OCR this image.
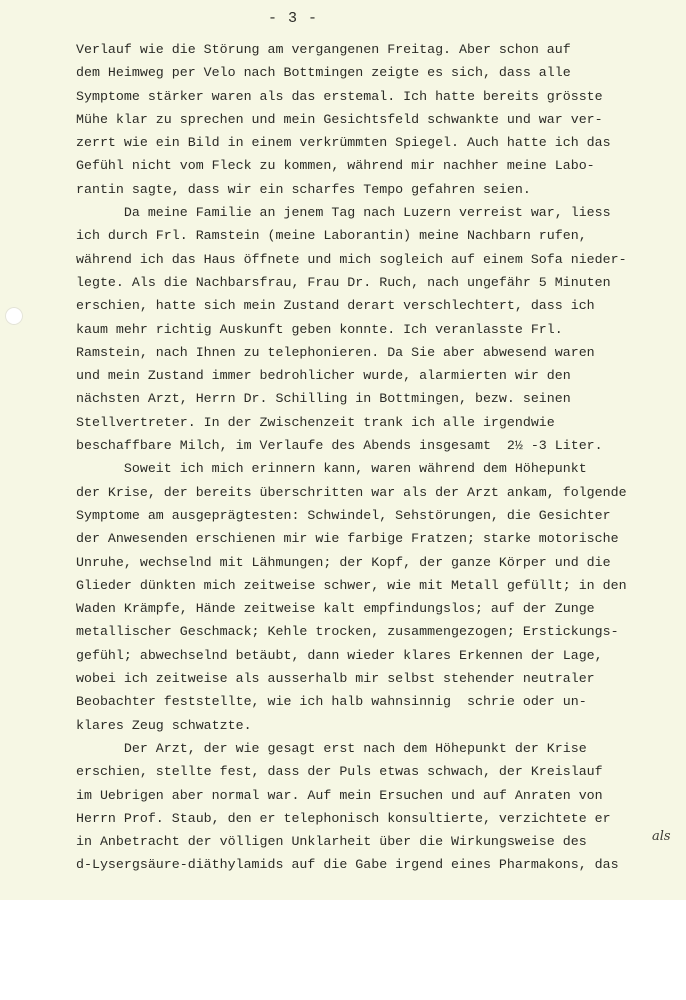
- 3 -
Verlauf wie die Störung am vergangenen Freitag. Aber schon auf
dem Heimweg per Velo nach Bottmingen zeigte es sich, dass alle
Symptome stärker waren als das erstemal. Ich hatte bereits grösste
Mühe klar zu sprechen und mein Gesichtsfeld schwankte und war ver-
zerrt wie ein Bild in einem verkrümmten Spiegel. Auch hatte ich das
Gefühl nicht vom Fleck zu kommen, während mir nachher meine Labo-
rantin sagte, dass wir ein scharfes Tempo gefahren seien.
Da meine Familie an jenem Tag nach Luzern verreist war, liess
ich durch Frl. Ramstein (meine Laborantin) meine Nachbarn rufen,
während ich das Haus öffnete und mich sogleich auf einem Sofa nieder-
legte. Als die Nachbarsfrau, Frau Dr. Ruch, nach ungefähr 5 Minuten
erschien, hatte sich mein Zustand derart verschlechtert, dass ich
kaum mehr richtig Auskunft geben konnte. Ich veranlasste Frl.
Ramstein, nach Ihnen zu telephonieren. Da Sie aber abwesend waren
und mein Zustand immer bedrohlicher wurde, alarmierten wir den
nächsten Arzt, Herrn Dr. Schilling in Bottmingen, bezw. seinen
Stellvertreter. In der Zwischenzeit trank ich alle irgendwie
beschaffbare Milch, im Verlaufe des Abends insgesamt  2½ -3 Liter.
Soweit ich mich erinnern kann, waren während dem Höhepunkt
der Krise, der bereits überschritten war als der Arzt ankam, folgende
Symptome am ausgeprägtesten: Schwindel, Sehstörungen, die Gesichter
der Anwesenden erschienen mir wie farbige Fratzen; starke motorische
Unruhe, wechselnd mit Lähmungen; der Kopf, der ganze Körper und die
Glieder dünkten mich zeitweise schwer, wie mit Metall gefüllt; in den
Waden Krämpfe, Hände zeitweise kalt empfindungslos; auf der Zunge
metallischer Geschmack; Kehle trocken, zusammengezogen; Erstickungs-
gefühl; abwechselnd betäubt, dann wieder klares Erkennen der Lage,
wobei ich zeitweise als ausserhalb mir selbst stehender neutraler
Beobachter feststellte, wie ich halb wahnsinnig  schrie oder un-
klares Zeug schwatzte.
Der Arzt, der wie gesagt erst nach dem Höhepunkt der Krise
erschien, stellte fest, dass der Puls etwas schwach, der Kreislauf
im Uebrigen aber normal war. Auf mein Ersuchen und auf Anraten von
Herrn Prof. Staub, den er telephonisch konsultierte, verzichtete er
in Anbetracht der völligen Unklarheit über die Wirkungsweise des
d-Lysergsäure-diäthylamids auf die Gabe irgend eines Pharmakons, das
als
